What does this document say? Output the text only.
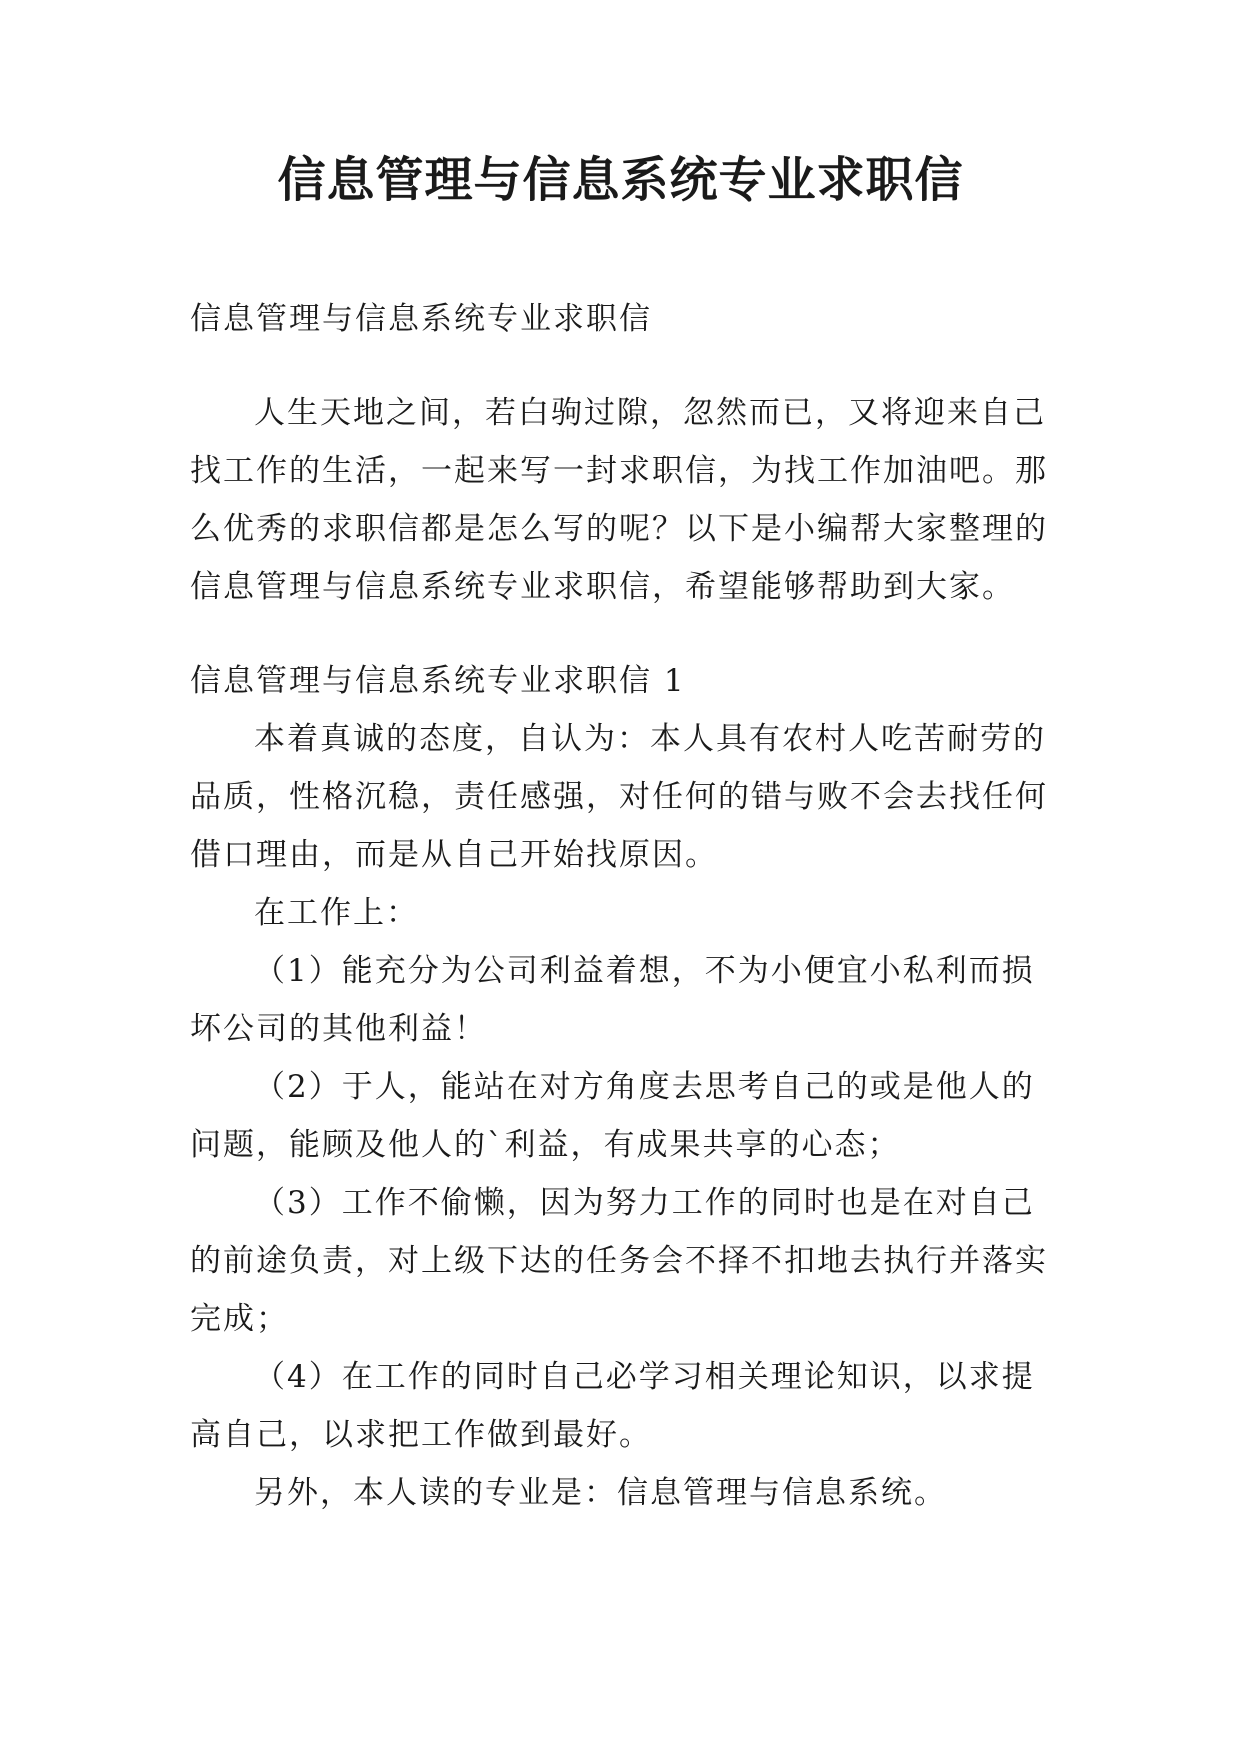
信息管理与信息系统专业求职信

信息管理与信息系统专业求职信

人生天地之间，若白驹过隙，忽然而已，又将迎来自己找工作的生活，一起来写一封求职信，为找工作加油吧。那么优秀的求职信都是怎么写的呢？以下是小编帮大家整理的信息管理与信息系统专业求职信，希望能够帮助到大家。

信息管理与信息系统专业求职信 1

本着真诚的态度，自认为：本人具有农村人吃苦耐劳的品质，性格沉稳，责任感强，对任何的错与败不会去找任何借口理由，而是从自己开始找原因。

在工作上：

（1）能充分为公司利益着想，不为小便宜小私利而损坏公司的其他利益！

（2）于人，能站在对方角度去思考自己的或是他人的问题，能顾及他人的`利益，有成果共享的心态；

（3）工作不偷懒，因为努力工作的同时也是在对自己的前途负责，对上级下达的任务会不择不扣地去执行并落实完成；

（4）在工作的同时自己必学习相关理论知识，以求提高自己，以求把工作做到最好。

另外，本人读的专业是：信息管理与信息系统。
